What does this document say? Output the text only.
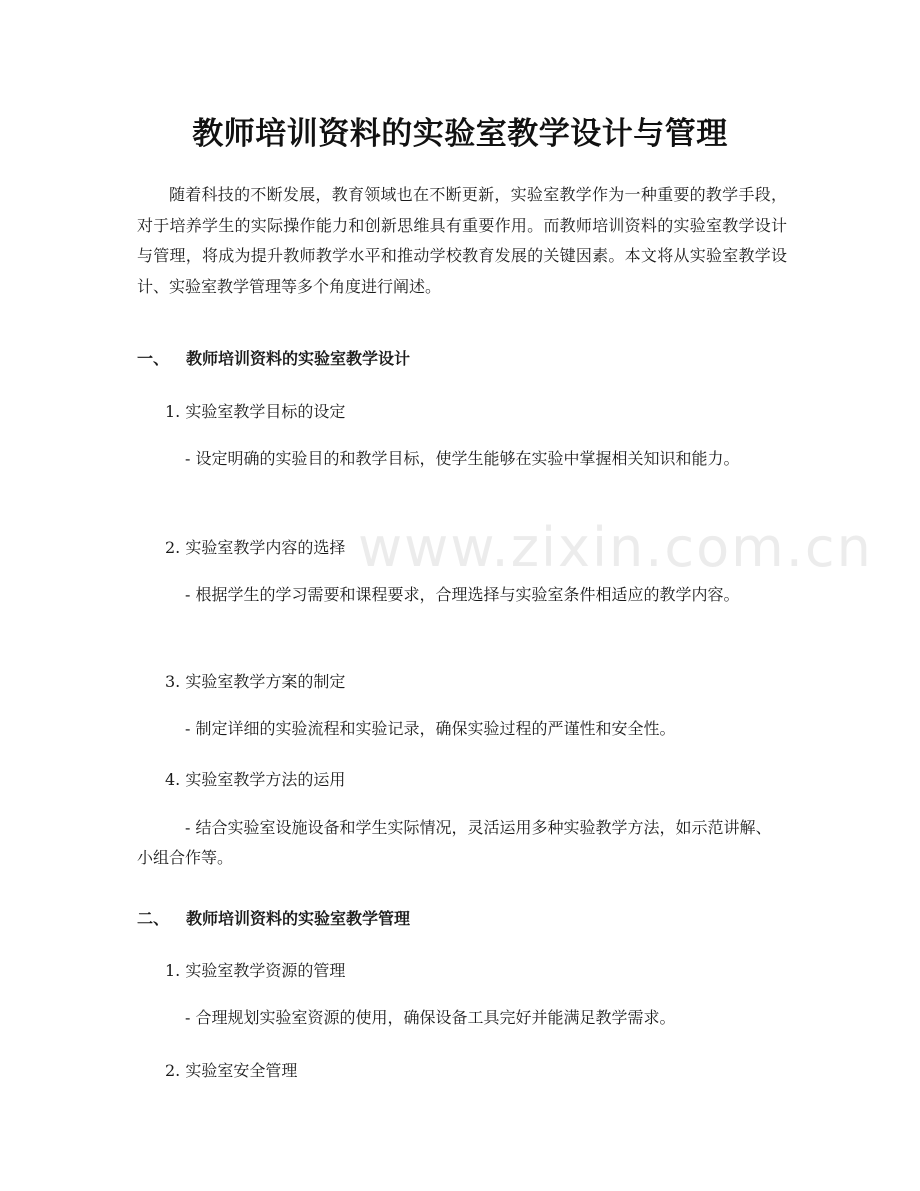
www.zixin.com.cn
教师培训资料的实验室教学设计与管理

随着科技的不断发展，教育领域也在不断更新，实验室教学作为一种重要的教学手段，对于培养学生的实际操作能力和创新思维具有重要作用。而教师培训资料的实验室教学设计与管理，将成为提升教师教学水平和推动学校教育发展的关键因素。本文将从实验室教学设计、实验室教学管理等多个角度进行阐述。

一、 教师培训资料的实验室教学设计

1. 实验室教学目标的设定

- 设定明确的实验目的和教学目标，使学生能够在实验中掌握相关知识和能力。

2. 实验室教学内容的选择

- 根据学生的学习需要和课程要求，合理选择与实验室条件相适应的教学内容。

3. 实验室教学方案的制定

- 制定详细的实验流程和实验记录，确保实验过程的严谨性和安全性。

4. 实验室教学方法的运用

- 结合实验室设施设备和学生实际情况，灵活运用多种实验教学方法，如示范讲解、小组合作等。

二、 教师培训资料的实验室教学管理

1. 实验室教学资源的管理

- 合理规划实验室资源的使用，确保设备工具完好并能满足教学需求。

2. 实验室安全管理
